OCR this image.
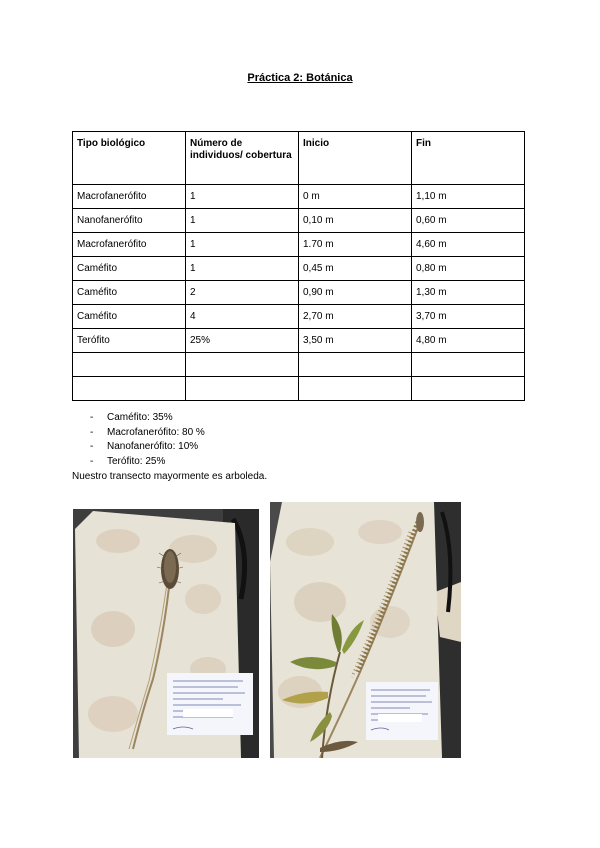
Práctica 2: Botánica
Tipo biológico	Número de individuos/ cobertura	Inicio	Fin
Macrofanerófito	1	0 m	1,10 m
Nanofanerófito	1	0,10 m	0,60 m
Macrofanerófito	1	1.70 m	4,60 m
Caméfito	1	0,45 m	0,80 m
Caméfito	2	0,90 m	1,30 m
Caméfito	4	2,70 m	3,70 m
Terófito	25%	3,50 m	4,80 m

- Caméfito: 35%
- Macrofanerófito: 80 %
- Nanofanerófito: 10%
- Terófito: 25%
Nuestro transecto mayormente es arboleda.
